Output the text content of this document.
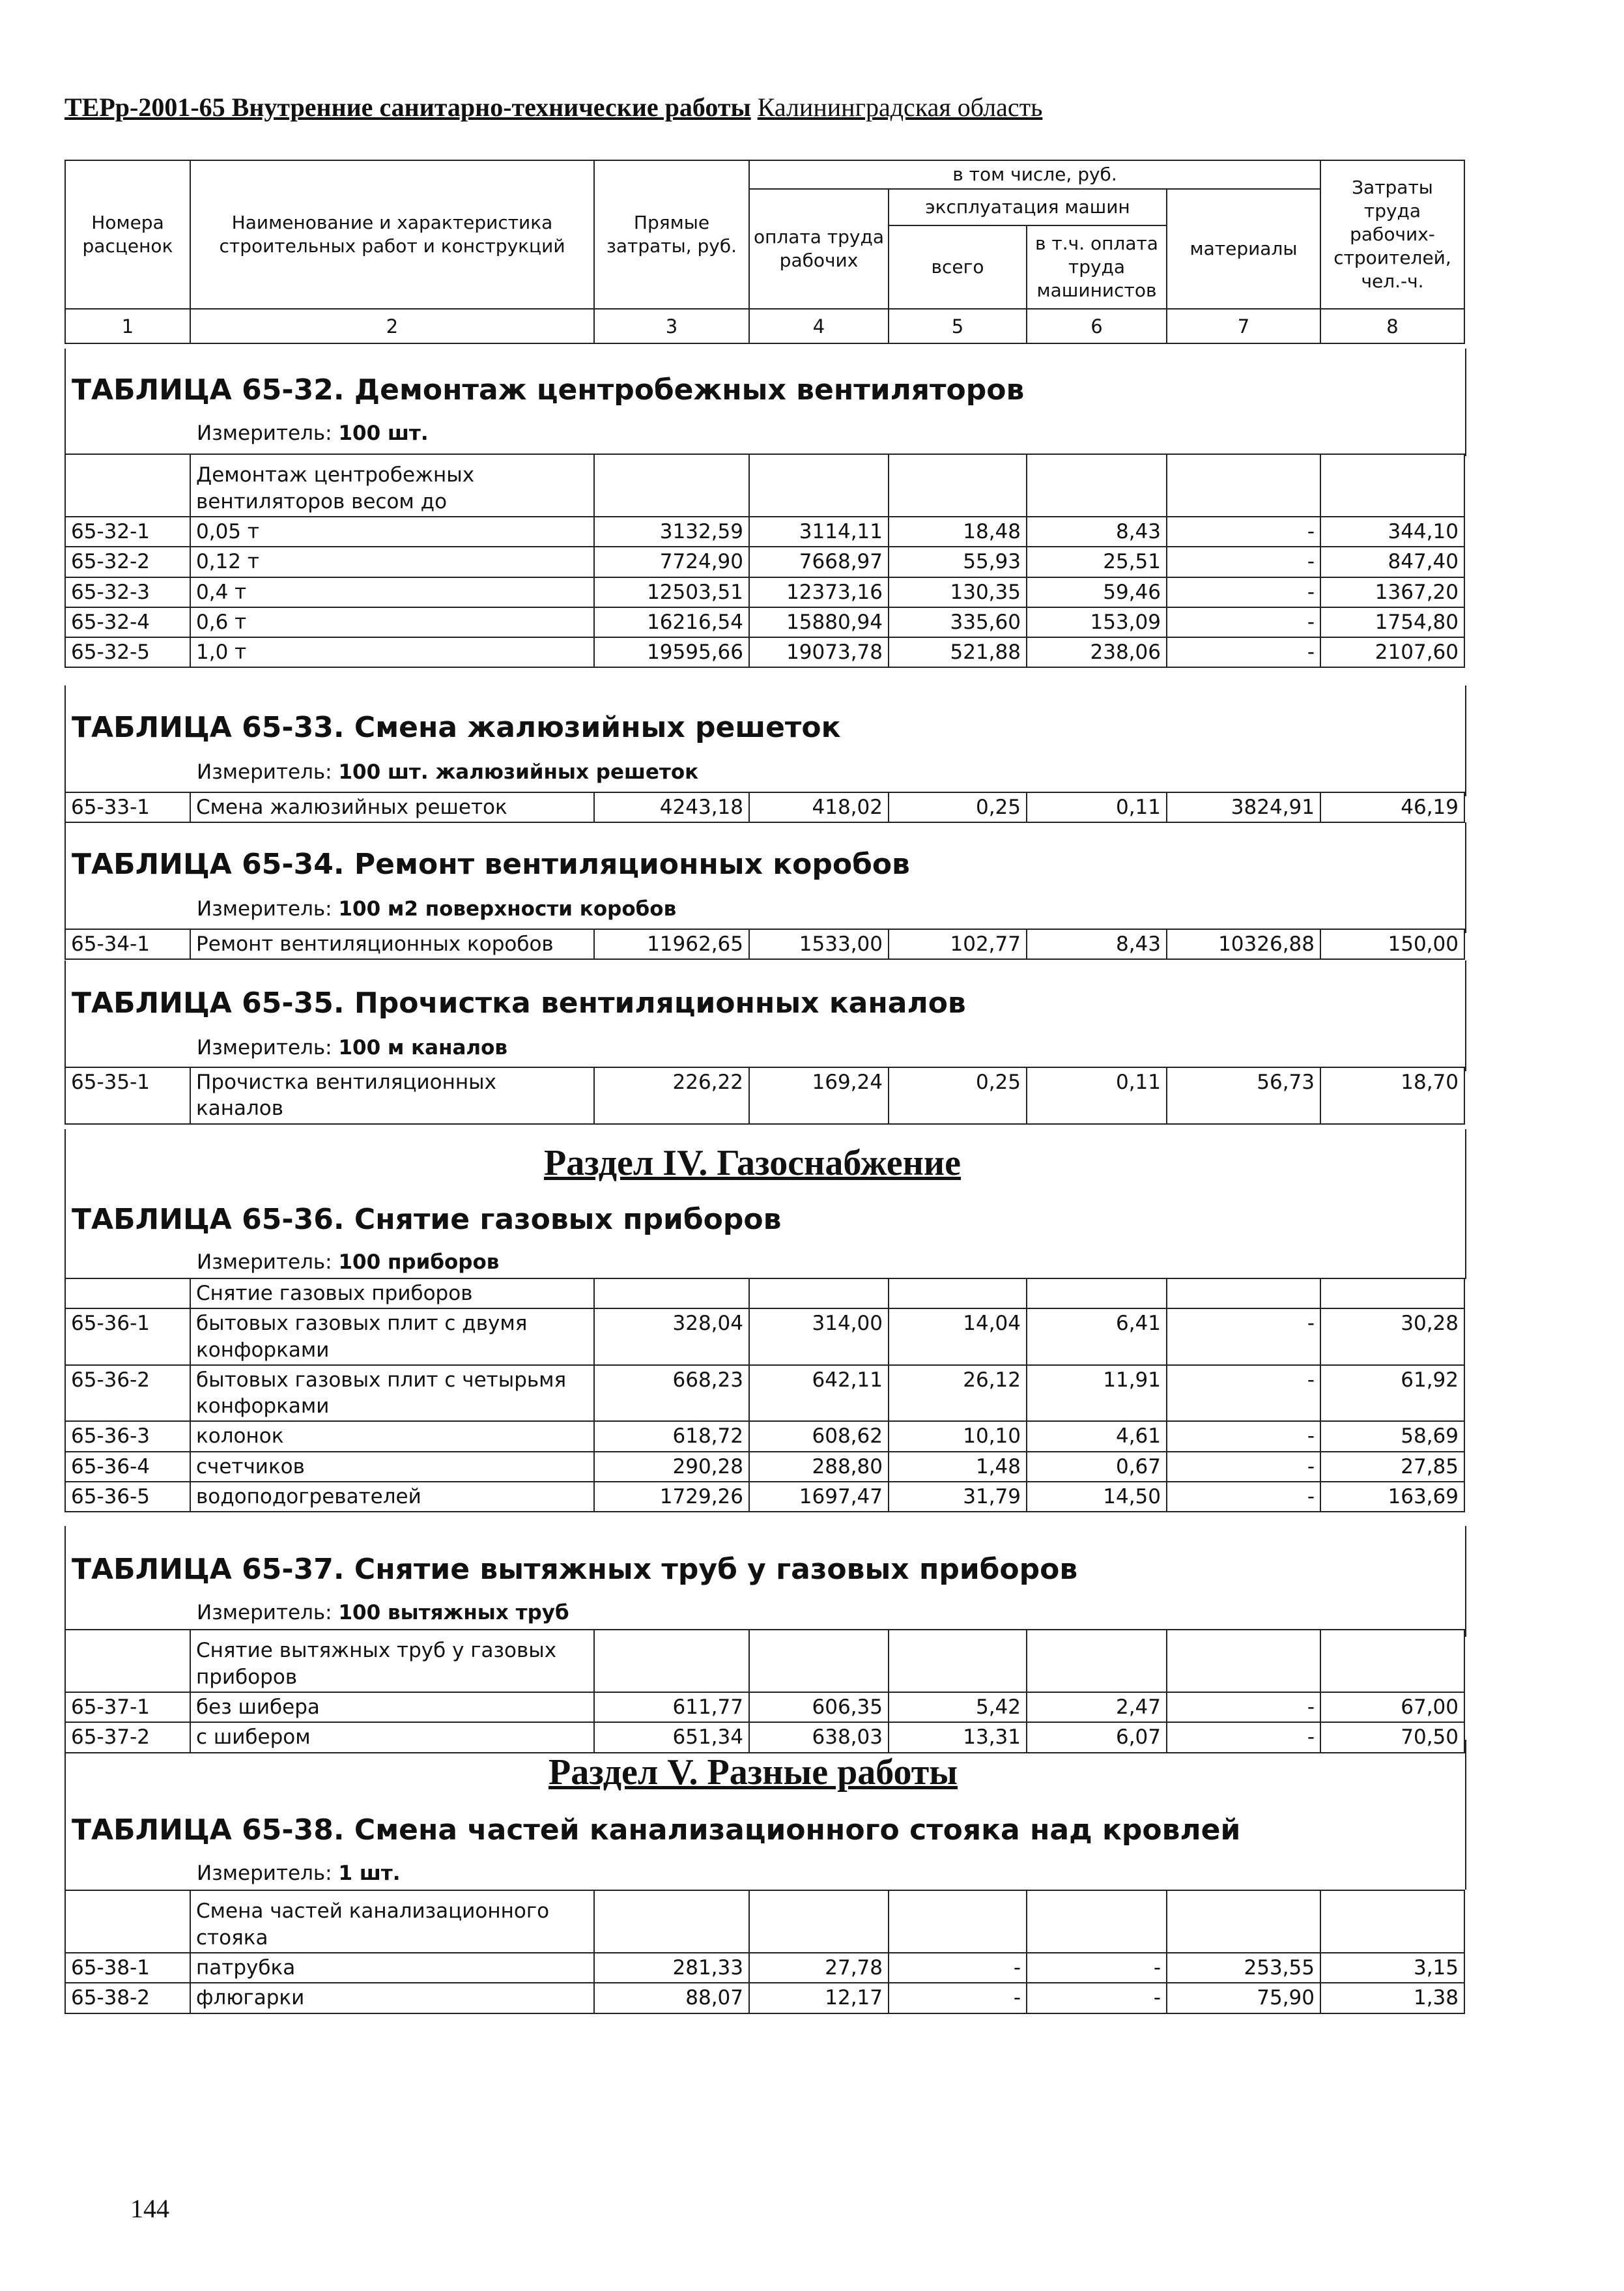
ТЕРр-2001-65 Внутренние санитарно-технические работы Калининградская область
Номера расценок	Наименование и характеристика строительных работ и конструкций	Прямые затраты, руб.	в том числе, руб.				Затраты труда рабочих-строителей, чел.-ч.
			оплата труда рабочих	эксплуатация машин		материалы	
				всего	в т.ч. оплата труда машинистов		
1	2	3	4	5	6	7	8
ТАБЛИЦА 65-32. Демонтаж центробежных вентиляторов
Измеритель: 100 шт.
	Демонтаж центробежных вентиляторов весом до						
65-32-1	0,05 т	3132,59	3114,11	18,48	8,43	-	344,10
65-32-2	0,12 т	7724,90	7668,97	55,93	25,51	-	847,40
65-32-3	0,4 т	12503,51	12373,16	130,35	59,46	-	1367,20
65-32-4	0,6 т	16216,54	15880,94	335,60	153,09	-	1754,80
65-32-5	1,0 т	19595,66	19073,78	521,88	238,06	-	2107,60
ТАБЛИЦА 65-33. Смена жалюзийных решеток
Измеритель: 100 шт. жалюзийных решеток
65-33-1	Смена жалюзийных решеток	4243,18	418,02	0,25	0,11	3824,91	46,19
ТАБЛИЦА 65-34. Ремонт вентиляционных коробов
Измеритель: 100 м2 поверхности коробов
65-34-1	Ремонт вентиляционных коробов	11962,65	1533,00	102,77	8,43	10326,88	150,00
ТАБЛИЦА 65-35. Прочистка вентиляционных каналов
Измеритель: 100 м каналов
65-35-1	Прочистка вентиляционных каналов	226,22	169,24	0,25	0,11	56,73	18,70
Раздел IV. Газоснабжение
ТАБЛИЦА 65-36. Снятие газовых приборов
Измеритель: 100 приборов
	Снятие газовых приборов						
65-36-1	бытовых газовых плит с двумя конфорками	328,04	314,00	14,04	6,41	-	30,28
65-36-2	бытовых газовых плит с четырьмя конфорками	668,23	642,11	26,12	11,91	-	61,92
65-36-3	колонок	618,72	608,62	10,10	4,61	-	58,69
65-36-4	счетчиков	290,28	288,80	1,48	0,67	-	27,85
65-36-5	водоподогревателей	1729,26	1697,47	31,79	14,50	-	163,69
ТАБЛИЦА 65-37. Снятие вытяжных труб у газовых приборов
Измеритель: 100 вытяжных труб
	Снятие вытяжных труб у газовых приборов						
65-37-1	без шибера	611,77	606,35	5,42	2,47	-	67,00
65-37-2	с шибером	651,34	638,03	13,31	6,07	-	70,50
Раздел V. Разные работы
ТАБЛИЦА 65-38. Смена частей канализационного стояка над кровлей
Измеритель: 1 шт.
	Смена частей канализационного стояка						
65-38-1	патрубка	281,33	27,78	-	-	253,55	3,15
65-38-2	флюгарки	88,07	12,17	-	-	75,90	1,38
144
